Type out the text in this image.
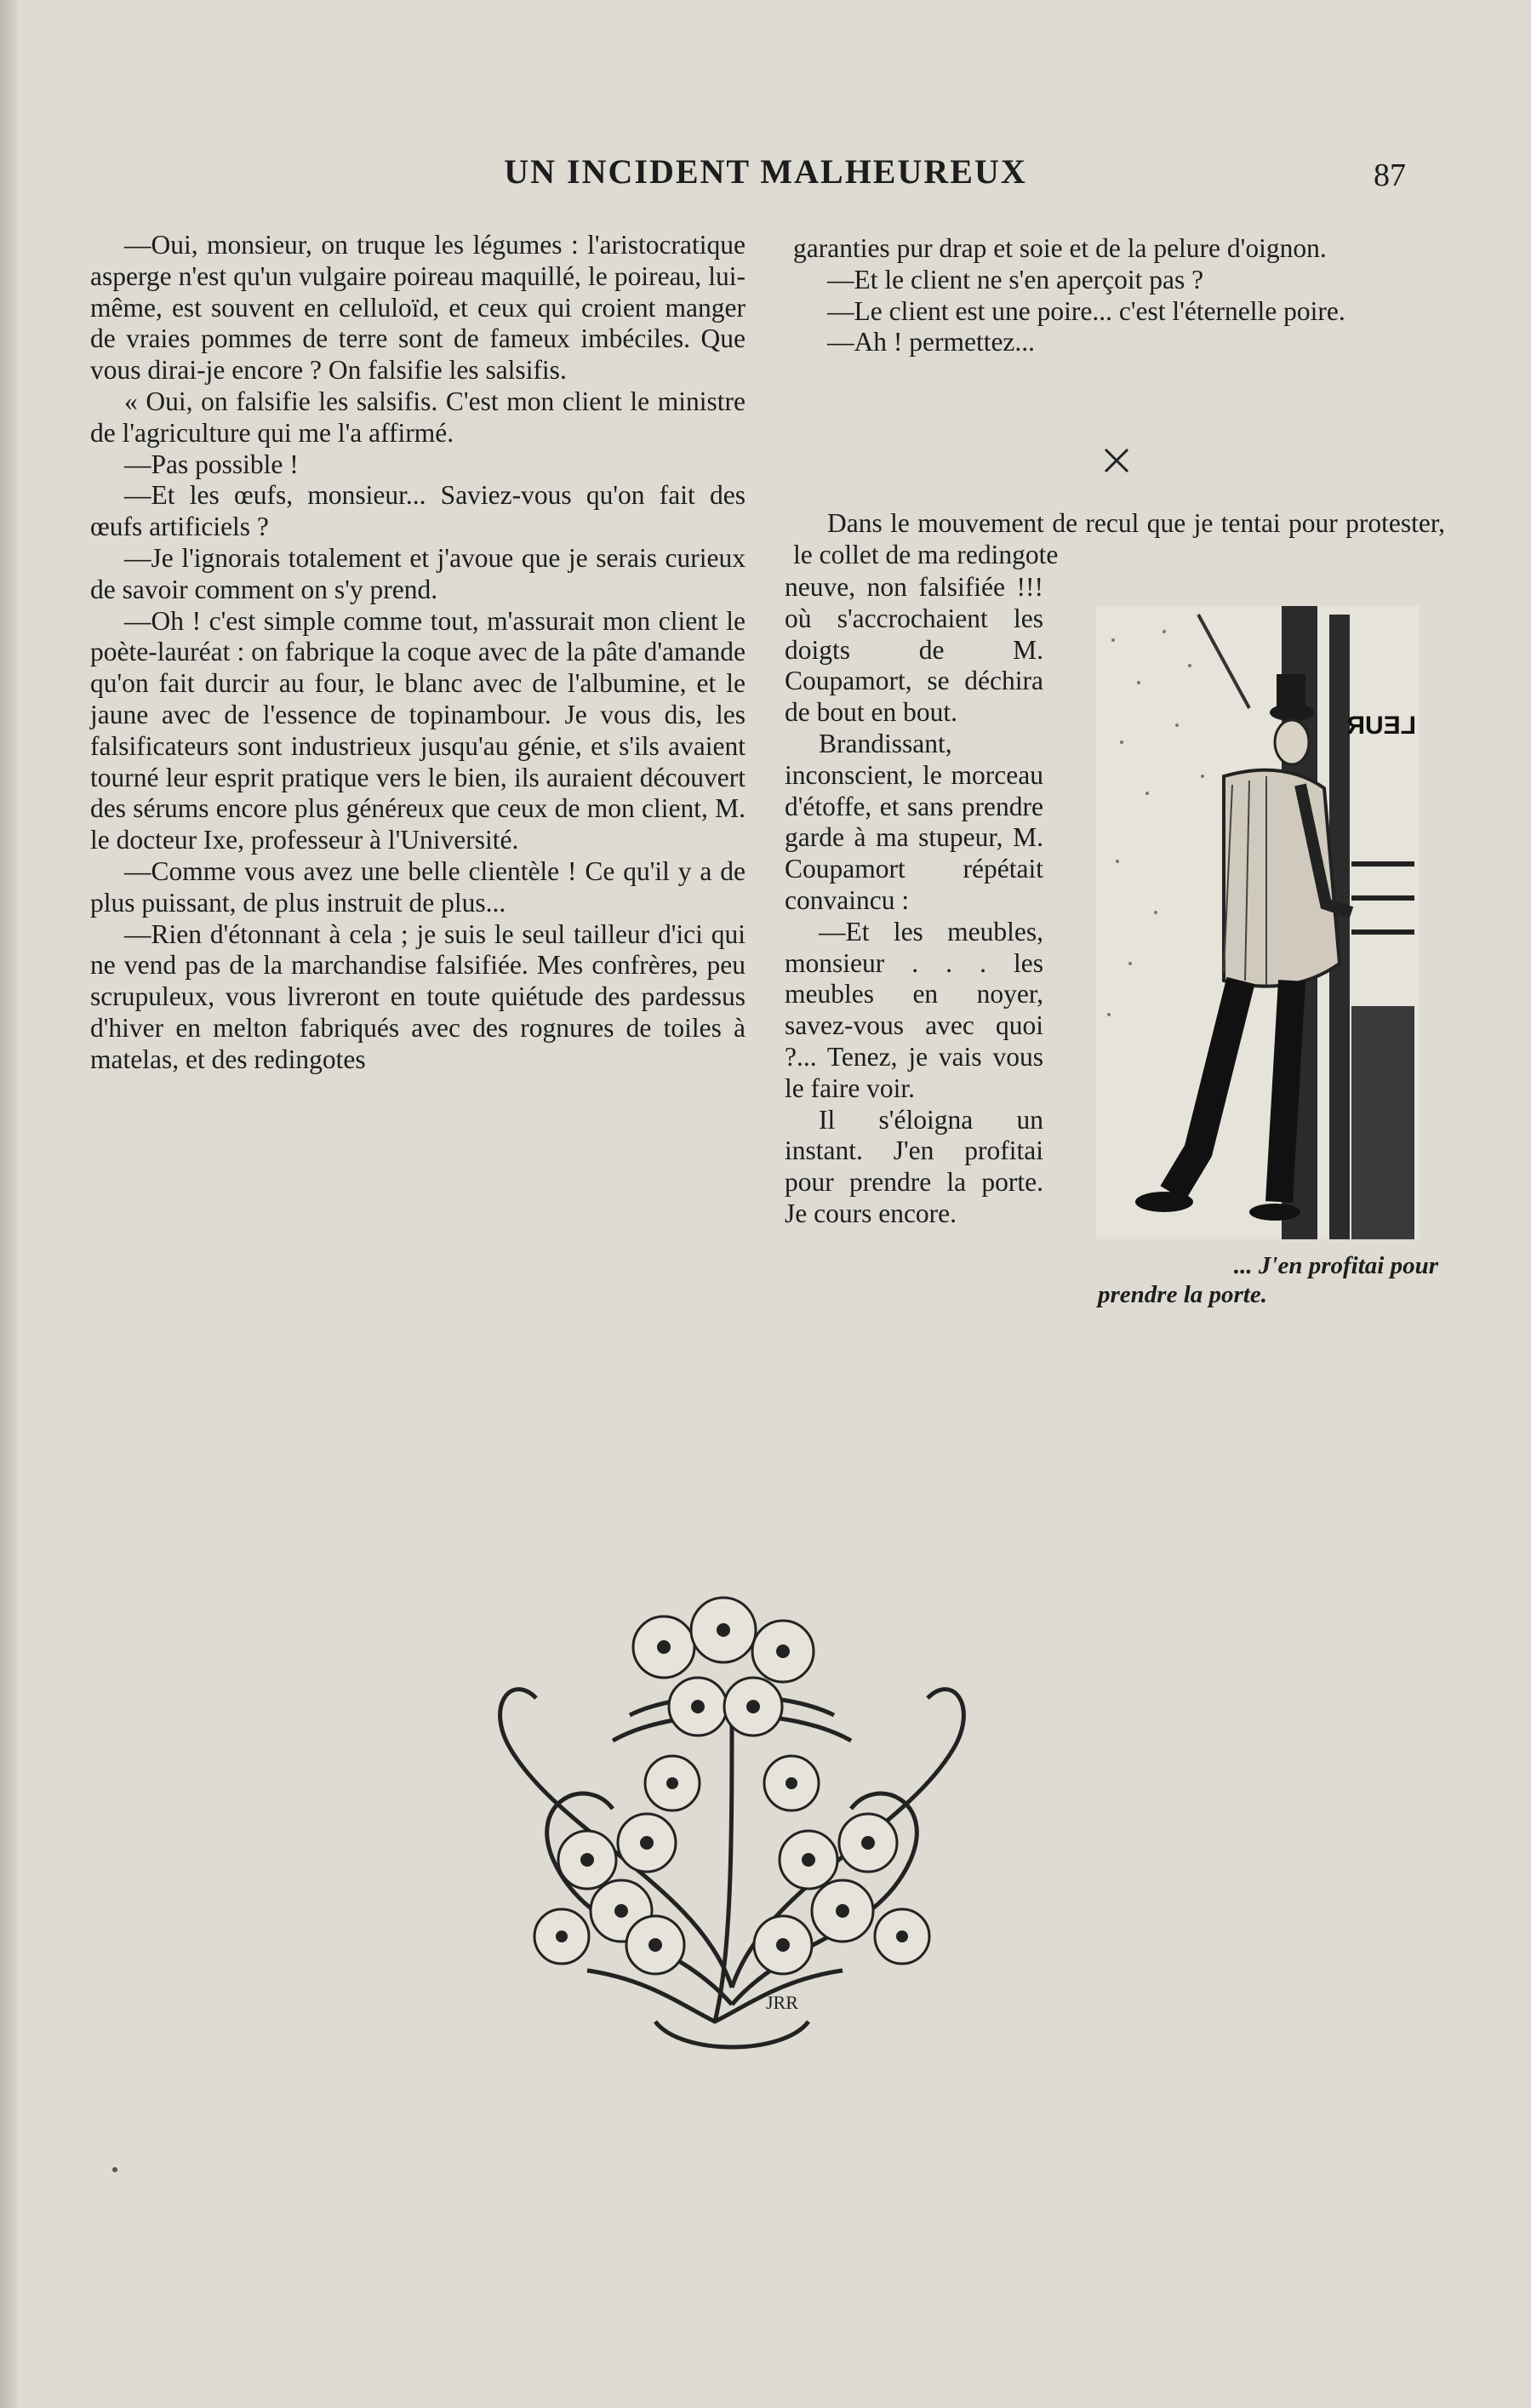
UN INCIDENT MALHEUREUX	87

—Oui, monsieur, on truque les légumes : l'aristocratique asperge n'est qu'un vulgaire poireau maquillé, le poireau, lui-même, est souvent en celluloïd, et ceux qui croient manger de vraies pommes de terre sont de fameux imbéciles. Que vous dirai-je encore ? On falsifie les salsifis.

« Oui, on falsifie les salsifis. C'est mon client le ministre de l'agriculture qui me l'a affirmé.

—Pas possible !

—Et les œufs, monsieur... Saviez-vous qu'on fait des œufs artificiels ?

—Je l'ignorais totalement et j'avoue que je serais curieux de savoir comment on s'y prend.

—Oh ! c'est simple comme tout, m'assurait mon client le poète-lauréat : on fabrique la coque avec de la pâte d'amande qu'on fait durcir au four, le blanc avec de l'albumine, et le jaune avec de l'essence de topinambour. Je vous dis, les falsificateurs sont industrieux jusqu'au génie, et s'ils avaient tourné leur esprit pratique vers le bien, ils auraient découvert des sérums encore plus généreux que ceux de mon client, M. le docteur Ixe, professeur à l'Université.

—Comme vous avez une belle clientèle ! Ce qu'il y a de plus puissant, de plus instruit de plus...

—Rien d'étonnant à cela ; je suis le seul tailleur d'ici qui ne vend pas de la marchandise falsifiée. Mes confrères, peu scrupuleux, vous livreront en toute quiétude des pardessus d'hiver en melton fabriqués avec des rognures de toiles à matelas, et des redingotes

garanties pur drap et soie et de la pelure d'oignon.

—Et le client ne s'en aperçoit pas ?

—Le client est une poire... c'est l'éternelle poire.

—Ah ! permettez...

Dans le mouvement de recul que je tentai pour protester, le collet de ma redingote

neuve, non falsifiée !!! où s'accrochaient les doigts de M. Coupamort, se déchira de bout en bout.

Brandissant, inconscient, le morceau d'étoffe, et sans prendre garde à ma stupeur, M. Coupamort répétait convaincu :

—Et les meubles, monsieur . . . les meubles en noyer, savez-vous avec quoi ?... Tenez, je vais vous le faire voir.

Il s'éloigna un instant. J'en profitai pour prendre la porte. Je cours encore.

LEUR
... J'en profitai pour
prendre la porte.
JRR
